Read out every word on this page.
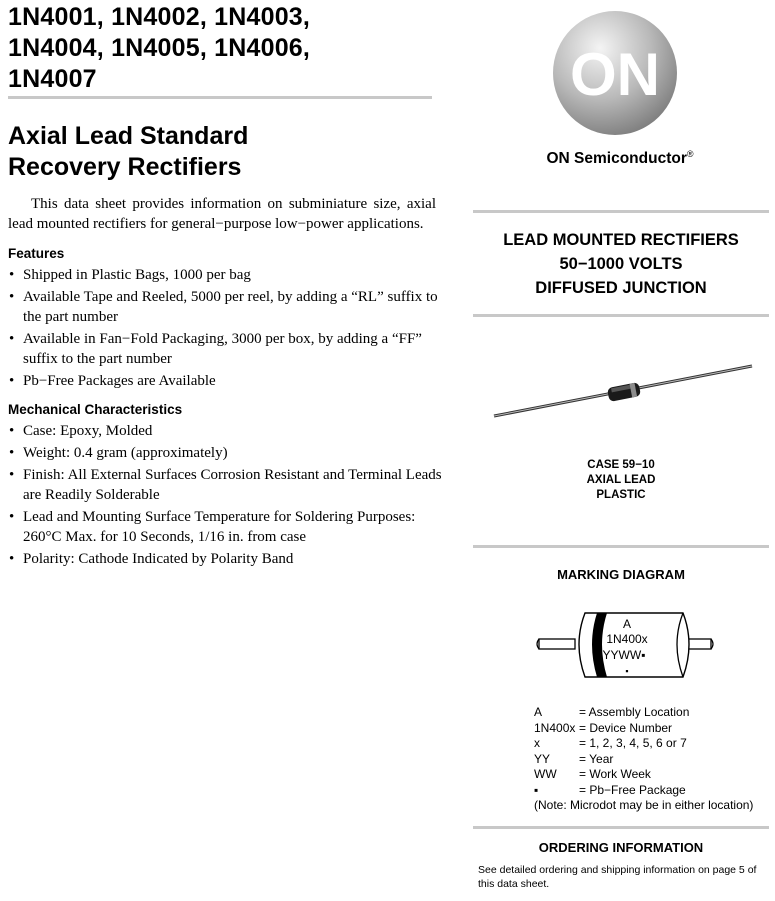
1N4001, 1N4002, 1N4003,
1N4004, 1N4005, 1N4006,
1N4007
Axial Lead Standard
Recovery Rectifiers
This data sheet provides information on subminiature size, axial lead mounted rectifiers for general−purpose low−power applications.
Features
• Shipped in Plastic Bags, 1000 per bag
• Available Tape and Reeled, 5000 per reel, by adding a “RL” suffix to the part number
• Available in Fan−Fold Packaging, 3000 per box, by adding a “FF” suffix to the part number
• Pb−Free Packages are Available
Mechanical Characteristics
• Case: Epoxy, Molded
• Weight: 0.4 gram (approximately)
• Finish: All External Surfaces Corrosion Resistant and Terminal Leads are Readily Solderable
• Lead and Mounting Surface Temperature for Soldering Purposes: 260°C Max. for 10 Seconds, 1/16 in. from case
• Polarity: Cathode Indicated by Polarity Band
ON
ON Semiconductor®
LEAD MOUNTED RECTIFIERS
50−1000 VOLTS
DIFFUSED JUNCTION
CASE 59−10
AXIAL LEAD
PLASTIC
MARKING DIAGRAM
A
1N400x
YYWW▪
▪
A	= Assembly Location
1N400x = Device Number
x	= 1, 2, 3, 4, 5, 6 or 7
YY	= Year
WW	= Work Week
▪	= Pb−Free Package
(Note: Microdot may be in either location)
ORDERING INFORMATION
See detailed ordering and shipping information on page 5 of this data sheet.
